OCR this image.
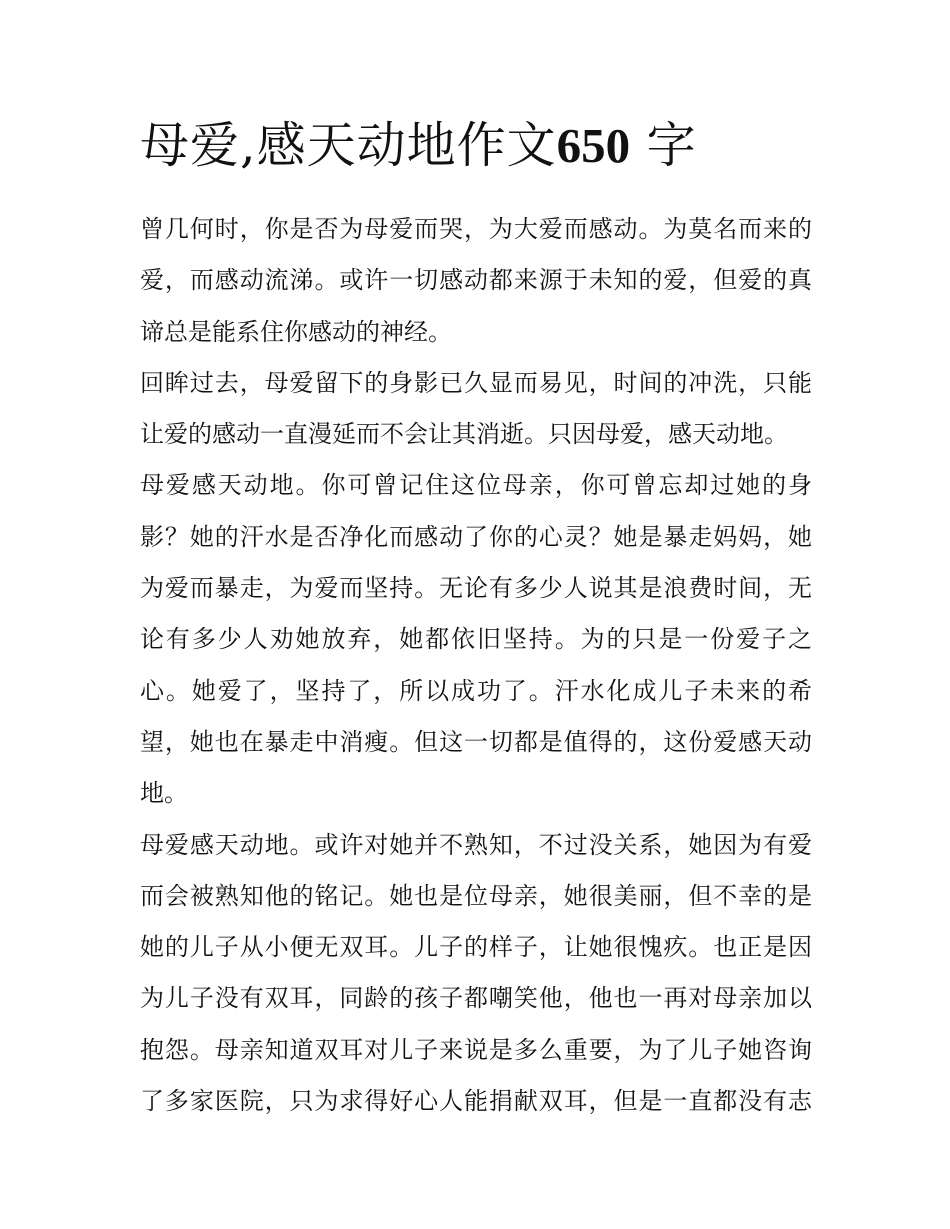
母爱,感天动地作文650 字
曾几何时，你是否为母爱而哭，为大爱而感动。为莫名而来的
爱，而感动流涕。或许一切感动都来源于未知的爱，但爱的真
谛总是能系住你感动的神经。
回眸过去，母爱留下的身影已久显而易见，时间的冲洗，只能
让爱的感动一直漫延而不会让其消逝。只因母爱，感天动地。
母爱感天动地。你可曾记住这位母亲，你可曾忘却过她的身
影？她的汗水是否净化而感动了你的心灵？她是暴走妈妈，她
为爱而暴走，为爱而坚持。无论有多少人说其是浪费时间，无
论有多少人劝她放弃，她都依旧坚持。为的只是一份爱子之
心。她爱了，坚持了，所以成功了。汗水化成儿子未来的希
望，她也在暴走中消瘦。但这一切都是值得的，这份爱感天动
地。
母爱感天动地。或许对她并不熟知，不过没关系，她因为有爱
而会被熟知他的铭记。她也是位母亲，她很美丽，但不幸的是
她的儿子从小便无双耳。儿子的样子，让她很愧疚。也正是因
为儿子没有双耳，同龄的孩子都嘲笑他，他也一再对母亲加以
抱怨。母亲知道双耳对儿子来说是多么重要，为了儿子她咨询
了多家医院，只为求得好心人能捐献双耳，但是一直都没有志
